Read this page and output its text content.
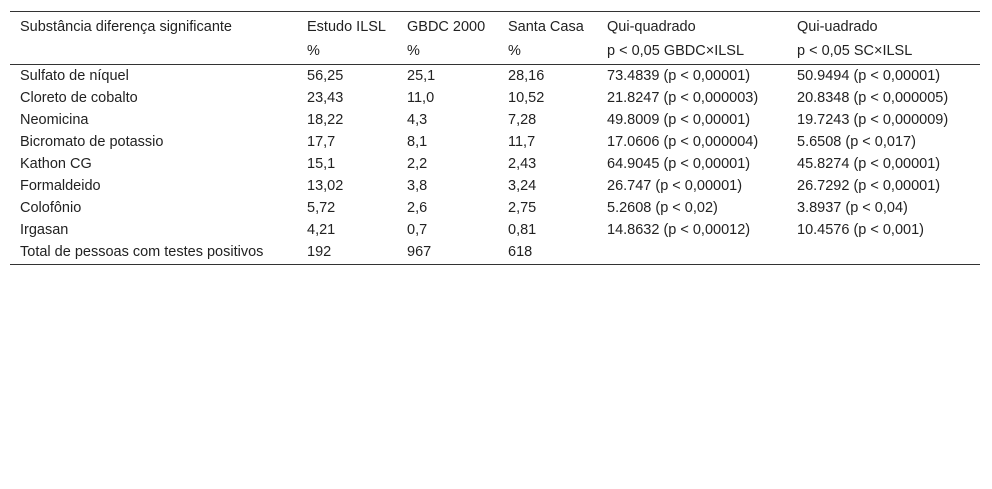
Substância diferença significante	Estudo ILSL	GBDC 2000	Santa Casa	Qui-quadrado	Qui-uadrado
	%	%	%	p < 0,05 GBDC×ILSL	p < 0,05 SC×ILSL
Sulfato de níquel	56,25	25,1	28,16	73.4839 (p < 0,00001)	50.9494 (p < 0,00001)
Cloreto de cobalto	23,43	11,0	10,52	21.8247 (p < 0,000003)	20.8348 (p < 0,000005)
Neomicina	18,22	4,3	7,28	49.8009 (p < 0,00001)	19.7243 (p < 0,000009)
Bicromato de potassio	17,7	8,1	11,7	17.0606 (p < 0,000004)	5.6508 (p < 0,017)
Kathon CG	15,1	2,2	2,43	64.9045 (p < 0,00001)	45.8274 (p < 0,00001)
Formaldeido	13,02	3,8	3,24	26.747 (p < 0,00001)	26.7292 (p < 0,00001)
Colofônio	5,72	2,6	2,75	5.2608 (p < 0,02)	3.8937 (p < 0,04)
Irgasan	4,21	0,7	0,81	14.8632 (p < 0,00012)	10.4576 (p < 0,001)
Total de pessoas com testes positivos	192	967	618		
